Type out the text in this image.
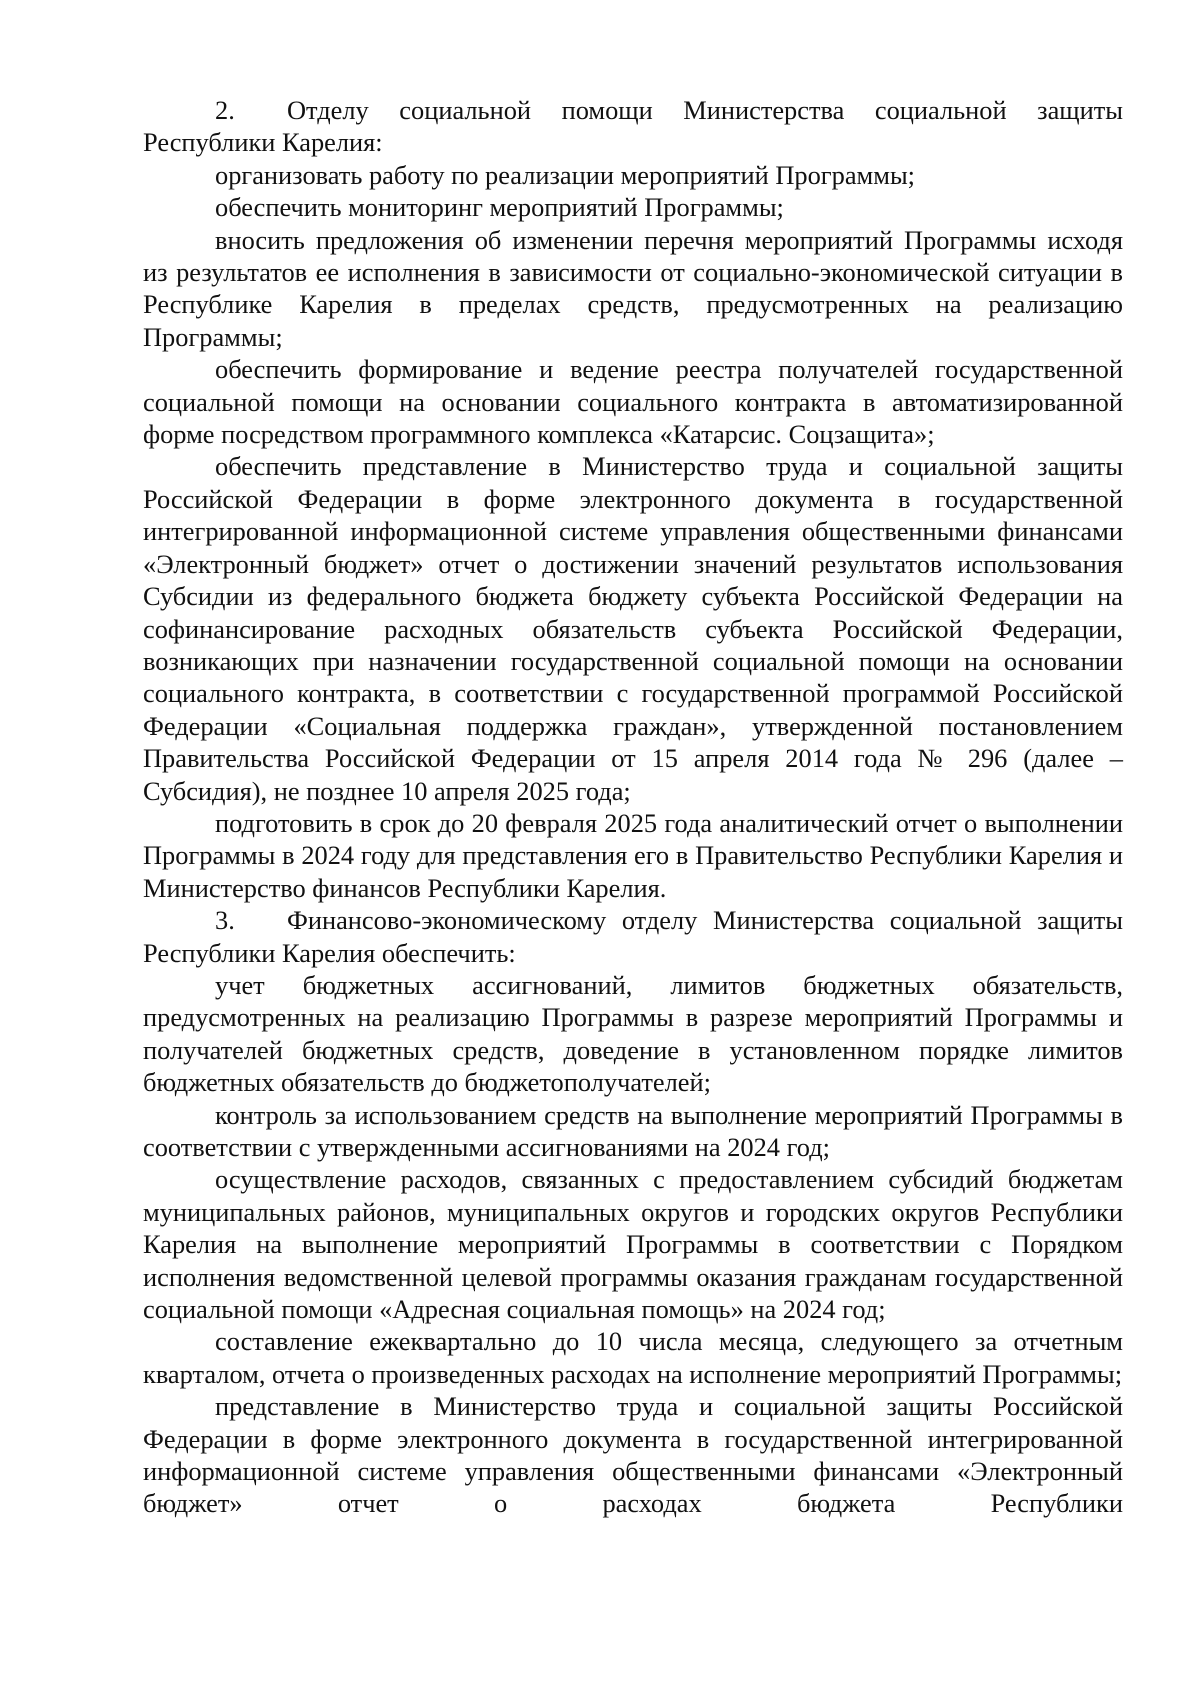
2. Отделу социальной помощи Министерства социальной защиты Республики Карелия:

организовать работу по реализации мероприятий Программы;

обеспечить мониторинг мероприятий Программы;

вносить предложения об изменении перечня мероприятий Программы исходя из результатов ее исполнения в зависимости от социально-экономической ситуации в Республике Карелия в пределах средств, предусмотренных на реализацию Программы;

обеспечить формирование и ведение реестра получателей государственной социальной помощи на основании социального контракта в автоматизированной форме посредством программного комплекса «Катарсис. Соцзащита»;

обеспечить представление в Министерство труда и социальной защиты Российской Федерации в форме электронного документа в государственной интегрированной информационной системе управления общественными финансами «Электронный бюджет» отчет о достижении значений результатов использования Субсидии из федерального бюджета бюджету субъекта Российской Федерации на софинансирование расходных обязательств субъекта Российской Федерации, возникающих при назначении государственной социальной помощи на основании социального контракта, в соответствии с государственной программой Российской Федерации «Социальная поддержка граждан», утвержденной постановлением Правительства Российской Федерации от 15 апреля 2014 года № 296 (далее – Субсидия), не позднее 10 апреля 2025 года;

подготовить в срок до 20 февраля 2025 года аналитический отчет о выполнении Программы в 2024 году для представления его в Правительство Республики Карелия и Министерство финансов Республики Карелия.

3. Финансово-экономическому отделу Министерства социальной защиты Республики Карелия обеспечить:

учет бюджетных ассигнований, лимитов бюджетных обязательств, предусмотренных на реализацию Программы в разрезе мероприятий Программы и получателей бюджетных средств, доведение в установленном порядке лимитов бюджетных обязательств до бюджетополучателей;

контроль за использованием средств на выполнение мероприятий Программы в соответствии с утвержденными ассигнованиями на 2024 год;

осуществление расходов, связанных с предоставлением субсидий бюджетам муниципальных районов, муниципальных округов и городских округов Республики Карелия на выполнение мероприятий Программы в соответствии с Порядком исполнения ведомственной целевой программы оказания гражданам государственной социальной помощи «Адресная социальная помощь» на 2024 год;

составление ежеквартально до 10 числа месяца, следующего за отчетным кварталом, отчета о произведенных расходах на исполнение мероприятий Программы;

представление в Министерство труда и социальной защиты Российской Федерации в форме электронного документа в государственной интегрированной информационной системе управления общественными финансами «Электронный бюджет» отчет о расходах бюджета Республики
